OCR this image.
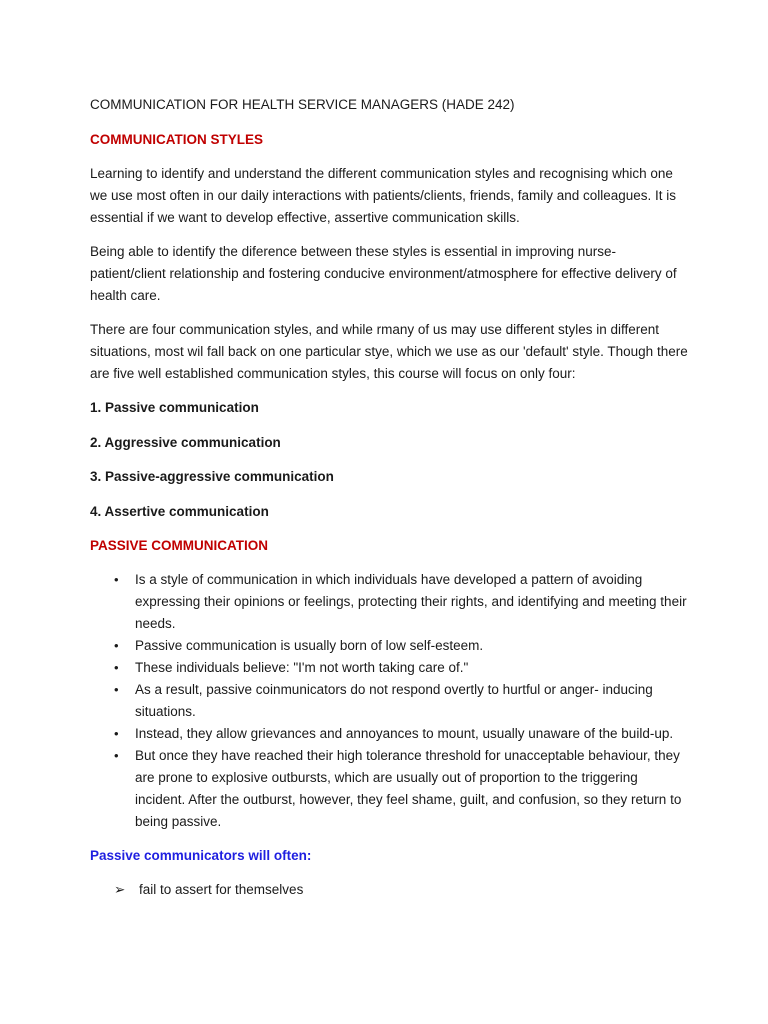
COMMUNICATION FOR HEALTH SERVICE MANAGERS (HADE 242)
COMMUNICATION STYLES

Learning to identify and understand the different communication styles and recognising which one we use most often in our daily interactions with patients/clients, friends, family and colleagues. It is essential if we want to develop effective, assertive communication skills.

Being able to identify the diference between these styles is essential in improving nurse-patient/client relationship and fostering conducive environment/atmosphere for effective delivery of health care.

There are four communication styles, and while rmany of us may use different styles in different situations, most wil fall back on one particular stye, which we use as our 'default' style. Though there are five well established communication styles, this course will focus on only four:

1. Passive communication
2. Aggressive communication
3. Passive-aggressive communication
4. Assertive communication
PASSIVE COMMUNICATION
• Is a style of communication in which individuals have developed a pattern of avoiding expressing their opinions or feelings, protecting their rights, and identifying and meeting their needs.
• Passive communication is usually born of low self-esteem.
• These individuals believe: "I'm not worth taking care of."
• As a result, passive coinmunicators do not respond overtly to hurtful or anger- inducing situations.
• Instead, they allow grievances and annoyances to mount, usually unaware of the build-up.
• But once they have reached their high tolerance threshold for unacceptable behaviour, they are prone to explosive outbursts, which are usually out of proportion to the triggering incident. After the outburst, however, they feel shame, guilt, and confusion, so they return to being passive.
Passive communicators will often:
➢ fail to assert for themselves
